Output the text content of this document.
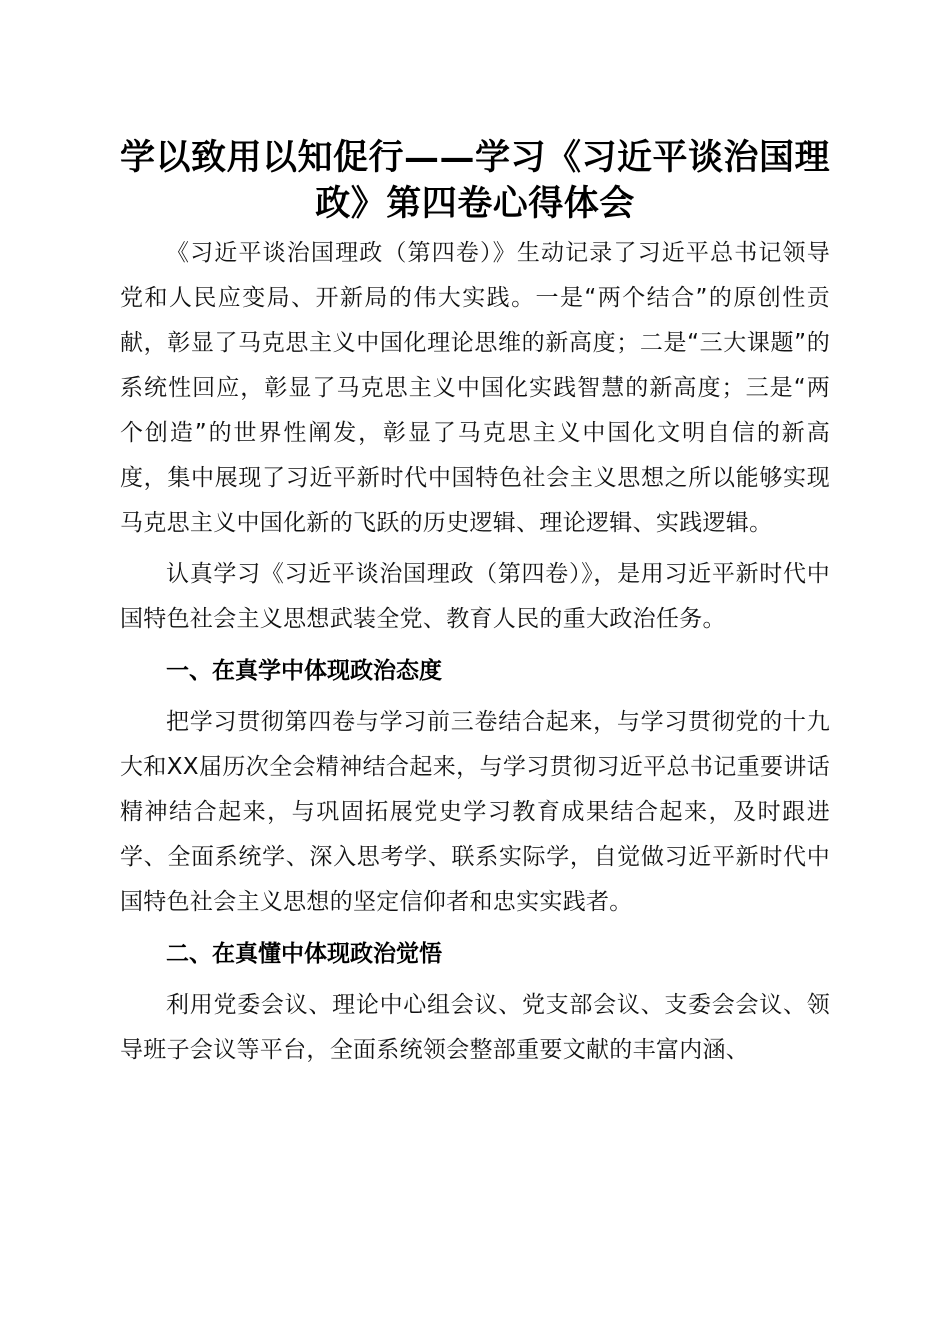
学以致用以知促行——学习《习近平谈治国理政》第四卷心得体会

《习近平谈治国理政（第四卷）》生动记录了习近平总书记领导党和人民应变局、开新局的伟大实践。一是“两个结合”的原创性贡献，彰显了马克思主义中国化理论思维的新高度；二是“三大课题”的系统性回应，彰显了马克思主义中国化实践智慧的新高度；三是“两个创造”的世界性阐发，彰显了马克思主义中国化文明自信的新高度，集中展现了习近平新时代中国特色社会主义思想之所以能够实现马克思主义中国化新的飞跃的历史逻辑、理论逻辑、实践逻辑。

认真学习《习近平谈治国理政（第四卷）》，是用习近平新时代中国特色社会主义思想武装全党、教育人民的重大政治任务。

一、在真学中体现政治态度

把学习贯彻第四卷与学习前三卷结合起来，与学习贯彻党的十九大和XX届历次全会精神结合起来，与学习贯彻习近平总书记重要讲话精神结合起来，与巩固拓展党史学习教育成果结合起来，及时跟进学、全面系统学、深入思考学、联系实际学，自觉做习近平新时代中国特色社会主义思想的坚定信仰者和忠实实践者。

二、在真懂中体现政治觉悟

利用党委会议、理论中心组会议、党支部会议、支委会会议、领导班子会议等平台，全面系统领会整部重要文献的丰富内涵、
